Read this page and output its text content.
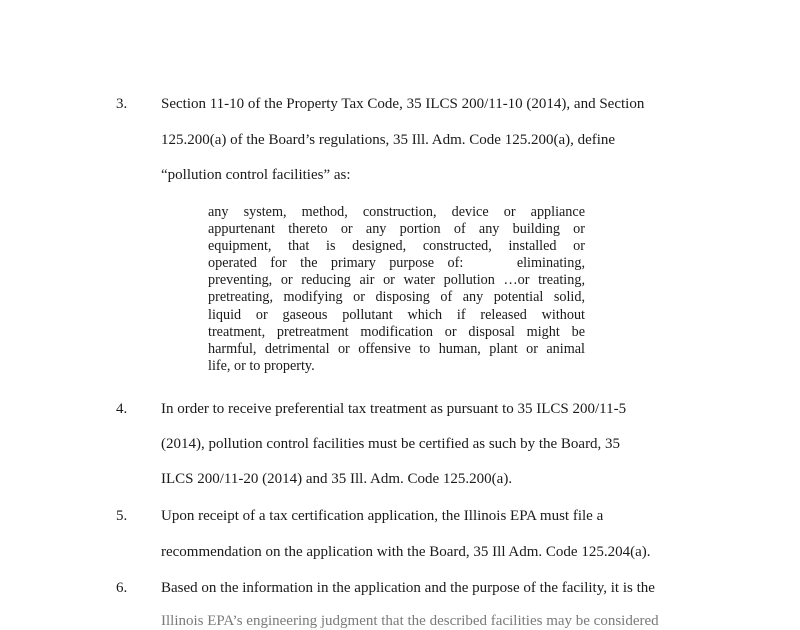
3. Section 11-10 of the Property Tax Code, 35 ILCS 200/11-10 (2014), and Section
125.200(a) of the Board’s regulations, 35 Ill. Adm. Code 125.200(a), define
“pollution control facilities” as:
any system, method, construction, device or appliance
appurtenant thereto or any portion of any building or
equipment, that is designed, constructed, installed or
operated for the primary purpose of:    eliminating,
preventing, or reducing air or water pollution …or treating,
pretreating, modifying or disposing of any potential solid,
liquid or gaseous pollutant which if released without
treatment, pretreatment modification or disposal might be
harmful, detrimental or offensive to human, plant or animal
life, or to property.
4. In order to receive preferential tax treatment as pursuant to 35 ILCS 200/11-5
(2014), pollution control facilities must be certified as such by the Board, 35
ILCS 200/11-20 (2014) and 35 Ill. Adm. Code 125.200(a).
5. Upon receipt of a tax certification application, the Illinois EPA must file a
recommendation on the application with the Board, 35 Ill Adm. Code 125.204(a).
6. Based on the information in the application and the purpose of the facility, it is the
Illinois EPA’s engineering judgment that the described facilities may be considered
